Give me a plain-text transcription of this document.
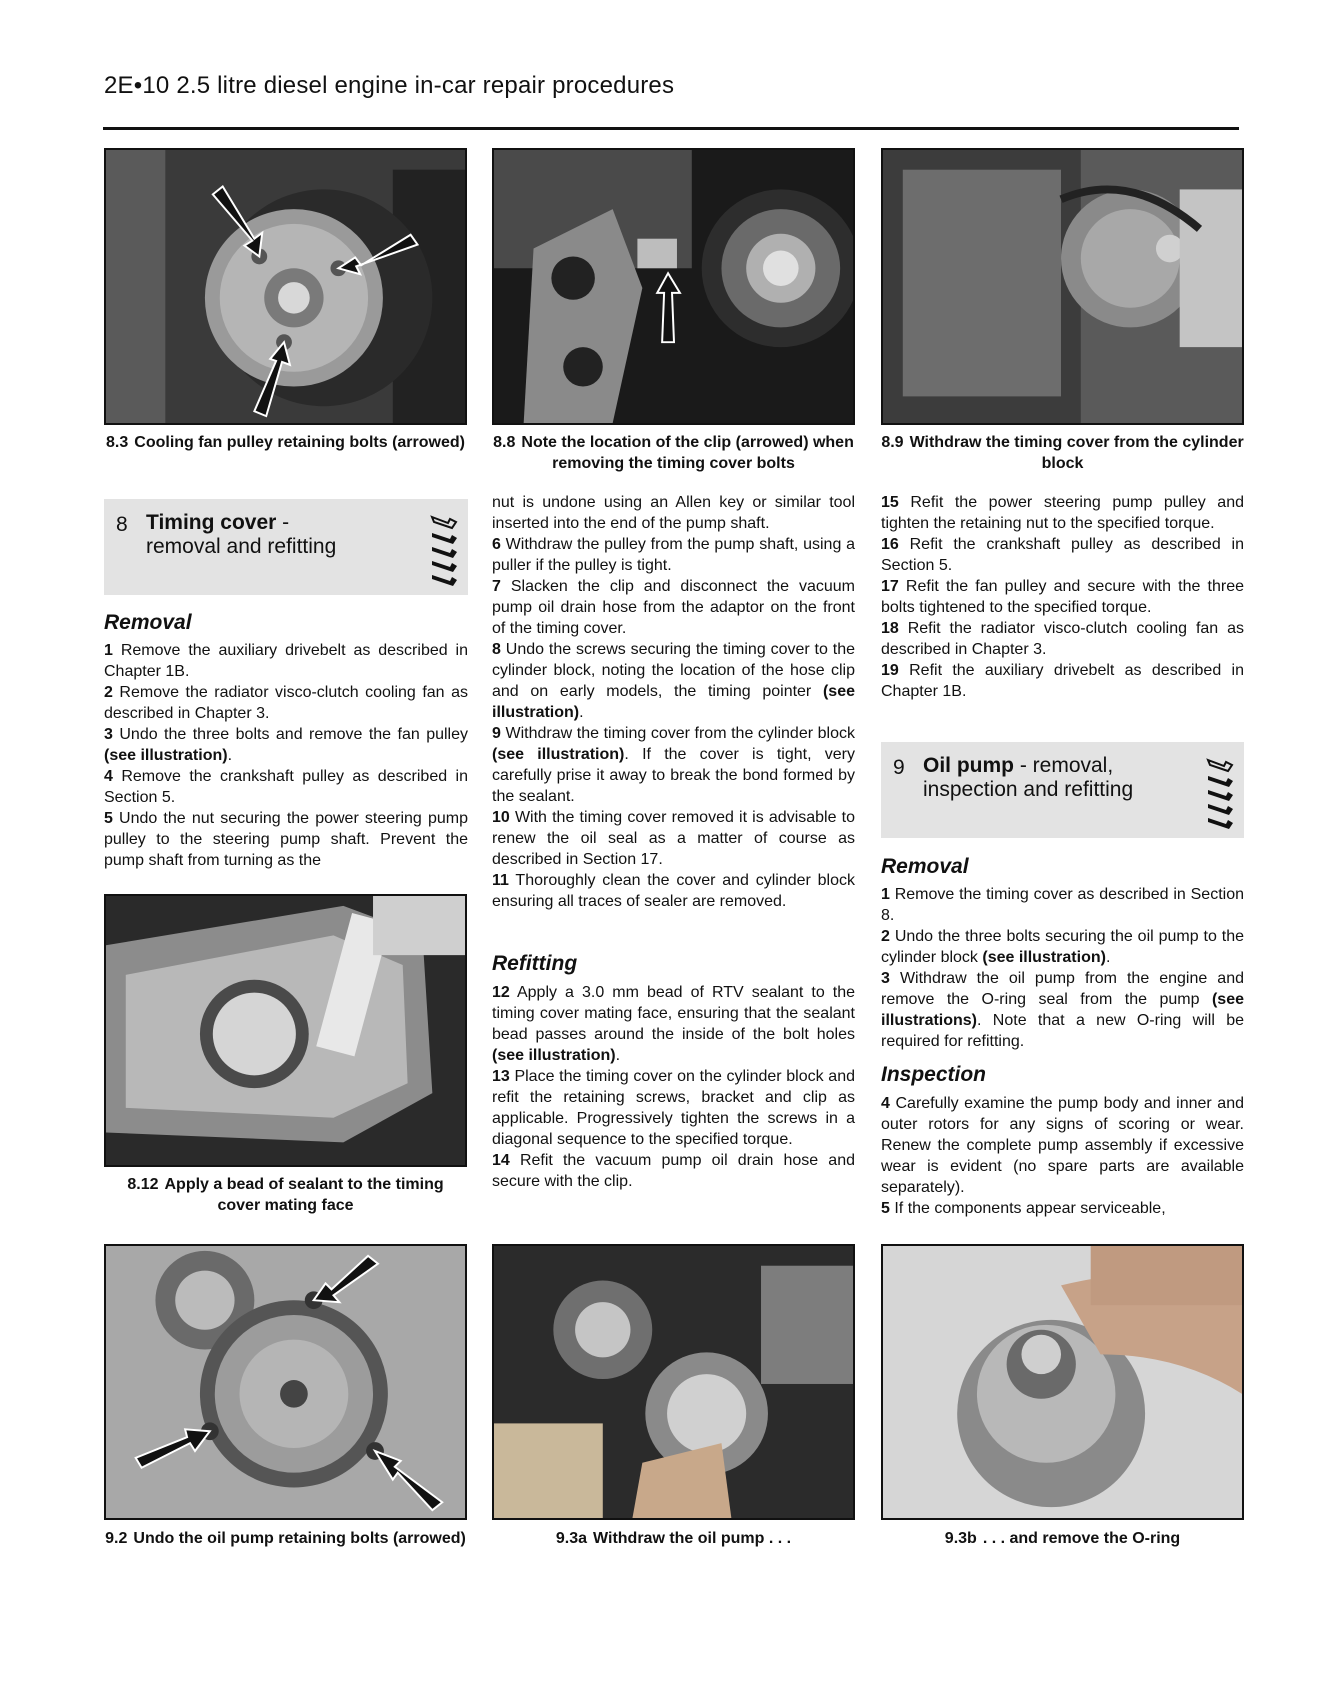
2E•10 2.5 litre diesel engine in-car repair procedures
8.3 Cooling fan pulley retaining bolts (arrowed) 8.8 Note the location of the clip (arrowed) when removing the timing cover bolts
8.9 Withdraw the timing cover from the cylinder block
8 Timing cover -
removal and refitting
Removal

1 Remove the auxiliary drivebelt as described in Chapter 1B.

2 Remove the radiator visco-clutch cooling fan as described in Chapter 3.

3 Undo the three bolts and remove the fan pulley (see illustration).

4 Remove the crankshaft pulley as described in Section 5.

5 Undo the nut securing the power steering pump pulley to the steering pump shaft. Prevent the pump shaft from turning as the

8.12 Apply a bead of sealant to the timing cover mating face

nut is undone using an Allen key or similar tool inserted into the end of the pump shaft.

6 Withdraw the pulley from the pump shaft, using a puller if the pulley is tight.

7 Slacken the clip and disconnect the vacuum pump oil drain hose from the adaptor on the front of the timing cover.

8 Undo the screws securing the timing cover to the cylinder block, noting the location of the hose clip and on early models, the timing pointer (see illustration).

9 Withdraw the timing cover from the cylinder block (see illustration). If the cover is tight, very carefully prise it away to break the bond formed by the sealant.

10 With the timing cover removed it is advisable to renew the oil seal as a matter of course as described in Section 17.

11 Thoroughly clean the cover and cylinder block ensuring all traces of sealer are removed.

Refitting

12 Apply a 3.0 mm bead of RTV sealant to the timing cover mating face, ensuring that the sealant bead passes around the inside of the bolt holes (see illustration).

13 Place the timing cover on the cylinder block and refit the retaining screws, bracket and clip as applicable. Progressively tighten the screws in a diagonal sequence to the specified torque.

14 Refit the vacuum pump oil drain hose and secure with the clip.

15 Refit the power steering pump pulley and tighten the retaining nut to the specified torque.

16 Refit the crankshaft pulley as described in Section 5.

17 Refit the fan pulley and secure with the three bolts tightened to the specified torque.

18 Refit the radiator visco-clutch cooling fan as described in Chapter 3.

19 Refit the auxiliary drivebelt as described in Chapter 1B.

9 Oil pump - removal,
inspection and refitting
Removal

1 Remove the timing cover as described in Section 8.

2 Undo the three bolts securing the oil pump to the cylinder block (see illustration).

3 Withdraw the oil pump from the engine and remove the O-ring seal from the pump (see illustrations). Note that a new O-ring will be required for refitting.

Inspection

4 Carefully examine the pump body and inner and outer rotors for any signs of scoring or wear. Renew the complete pump assembly if excessive wear is evident (no spare parts are available separately).

5 If the components appear serviceable,

9.2 Undo the oil pump retaining bolts (arrowed)	9.3a Withdraw the oil pump . . .	9.3b . . . and remove the O-ring
